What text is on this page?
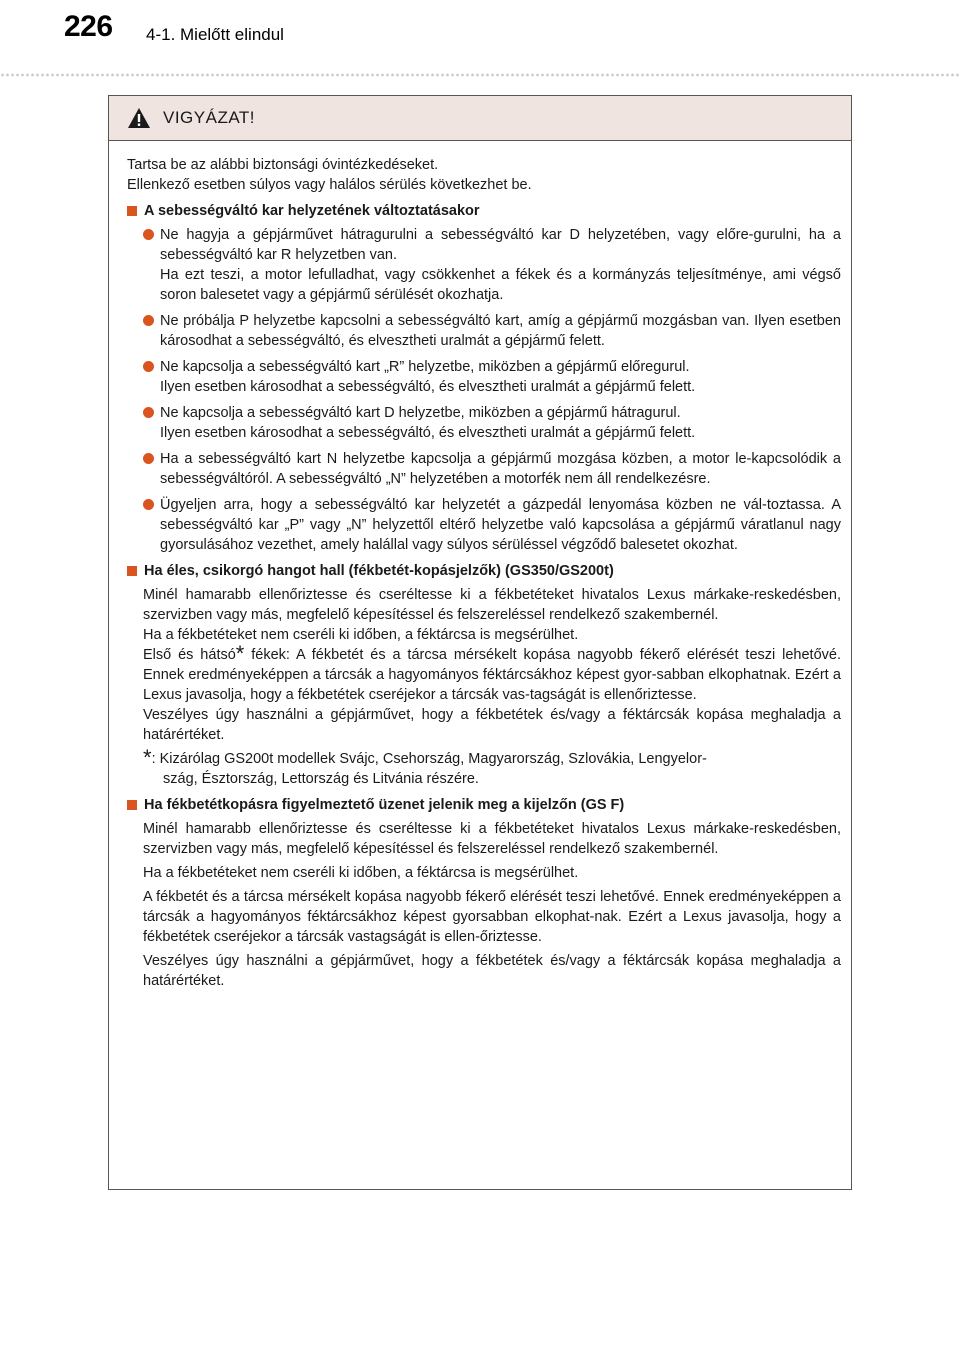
226 4-1. Mielőtt elindul
VIGYÁZAT!

Tartsa be az alábbi biztonsági óvintézkedéseket.

Ellenkező esetben súlyos vagy halálos sérülés következhet be.

A sebességváltó kar helyzetének változtatásakor

Ne hagyja a gépjárművet hátragurulni a sebességváltó kar D helyzetében, vagy előre-gurulni, ha a sebességváltó kar R helyzetben van.

Ha ezt teszi, a motor lefulladhat, vagy csökkenhet a fékek és a kormányzás teljesítménye, ami végső soron balesetet vagy a gépjármű sérülését okozhatja.

Ne próbálja P helyzetbe kapcsolni a sebességváltó kart, amíg a gépjármű mozgásban van. Ilyen esetben károsodhat a sebességváltó, és elvesztheti uralmát a gépjármű felett.

Ne kapcsolja a sebességváltó kart „R” helyzetbe, miközben a gépjármű előregurul.

Ilyen esetben károsodhat a sebességváltó, és elvesztheti uralmát a gépjármű felett.

Ne kapcsolja a sebességváltó kart D helyzetbe, miközben a gépjármű hátragurul.

Ilyen esetben károsodhat a sebességváltó, és elvesztheti uralmát a gépjármű felett.

Ha a sebességváltó kart N helyzetbe kapcsolja a gépjármű mozgása közben, a motor le-kapcsolódik a sebességváltóról. A sebességváltó „N” helyzetében a motorfék nem áll rendelkezésre.

Ügyeljen arra, hogy a sebességváltó kar helyzetét a gázpedál lenyomása közben ne vál-toztassa. A sebességváltó kar „P” vagy „N” helyzettől eltérő helyzetbe való kapcsolása a gépjármű váratlanul nagy gyorsulásához vezethet, amely halállal vagy súlyos sérüléssel végződő balesetet okozhat.

Ha éles, csikorgó hangot hall (fékbetét-kopásjelzők) (GS350/GS200t)

Minél hamarabb ellenőriztesse és cseréltesse ki a fékbetéteket hivatalos Lexus márkake-reskedésben, szervizben vagy más, megfelelő képesítéssel és felszereléssel rendelkező szakembernél.

Ha a fékbetéteket nem cseréli ki időben, a féktárcsa is megsérülhet.

Első és hátsó* fékek: A fékbetét és a tárcsa mérsékelt kopása nagyobb fékerő elérését teszi lehetővé. Ennek eredményeképpen a tárcsák a hagyományos féktárcsákhoz képest gyor-sabban elkophatnak. Ezért a Lexus javasolja, hogy a fékbetétek cseréjekor a tárcsák vas-tagságát is ellenőriztesse.

Veszélyes úgy használni a gépjárművet, hogy a fékbetétek és/vagy a féktárcsák kopása meghaladja a határértéket.

*: Kizárólag GS200t modellek Svájc, Csehország, Magyarország, Szlovákia, Lengyelor-

szág, Észtország, Lettország és Litvánia részére.

Ha fékbetétkopásra figyelmeztető üzenet jelenik meg a kijelzőn (GS F)

Minél hamarabb ellenőriztesse és cseréltesse ki a fékbetéteket hivatalos Lexus márkake-reskedésben, szervizben vagy más, megfelelő képesítéssel és felszereléssel rendelkező szakembernél.

Ha a fékbetéteket nem cseréli ki időben, a féktárcsa is megsérülhet.

A fékbetét és a tárcsa mérsékelt kopása nagyobb fékerő elérését teszi lehetővé. Ennek eredményeképpen a tárcsák a hagyományos féktárcsákhoz képest gyorsabban elkophat-nak. Ezért a Lexus javasolja, hogy a fékbetétek cseréjekor a tárcsák vastagságát is ellen-őriztesse.

Veszélyes úgy használni a gépjárművet, hogy a fékbetétek és/vagy a féktárcsák kopása meghaladja a határértéket.
